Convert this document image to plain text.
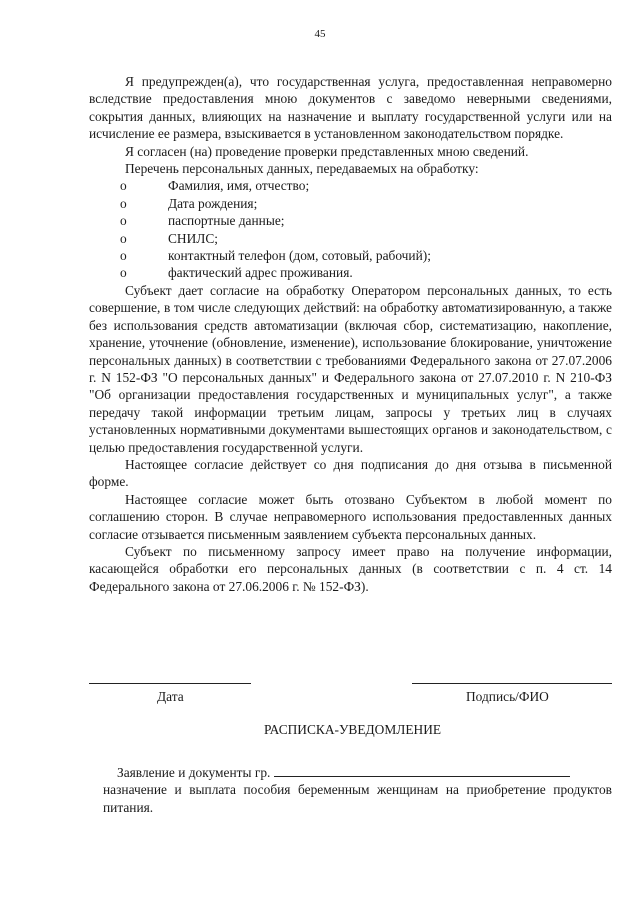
45

Я предупрежден(а), что государственная услуга, предоставленная неправомерно вследствие предоставления мною документов с заведомо неверными сведениями, сокрытия данных, влияющих на назначение и выплату государственной услуги или на исчисление ее размера, взыскивается в установленном законодательством порядке.

Я согласен (на) проведение проверки представленных мною сведений.

Перечень персональных данных, передаваемых на обработку:

o	Фамилия, имя, отчество;
o	Дата рождения;
o	паспортные данные;
o	СНИЛС;
o	контактный телефон (дом, сотовый, рабочий);
o	фактический адрес проживания.

Субъект дает согласие на обработку Оператором персональных данных, то есть совершение, в том числе следующих действий: на обработку автоматизированную, а также без использования средств автоматизации (включая сбор, систематизацию, накопление, хранение, уточнение (обновление, изменение), использование блокирование, уничтожение персональных данных) в соответствии с требованиями Федерального закона от 27.07.2006 г. N 152-ФЗ "О персональных данных" и Федерального закона от 27.07.2010 г. N 210-ФЗ "Об организации предоставления государственных и муниципальных услуг", а также передачу такой информации третьим лицам, запросы у третьих лиц в случаях установленных нормативными документами вышестоящих органов и законодательством, с целью предоставления государственной услуги.

Настоящее согласие действует со дня подписания до дня отзыва в письменной форме.

Настоящее согласие может быть отозвано Субъектом в любой момент по соглашению сторон. В случае неправомерного использования предоставленных данных согласие отзывается письменным заявлением субъекта персональных данных.

Субъект по письменному запросу имеет право на получение информации, касающейся обработки его персональных данных (в соответствии с п. 4 ст. 14 Федерального закона от 27.06.2006 г. № 152-ФЗ).

Дата	Подпись/ФИО
РАСПИСКА-УВЕДОМЛЕНИЕ

Заявление и документы гр.

назначение и выплата пособия беременным женщинам на приобретение продуктов питания.
